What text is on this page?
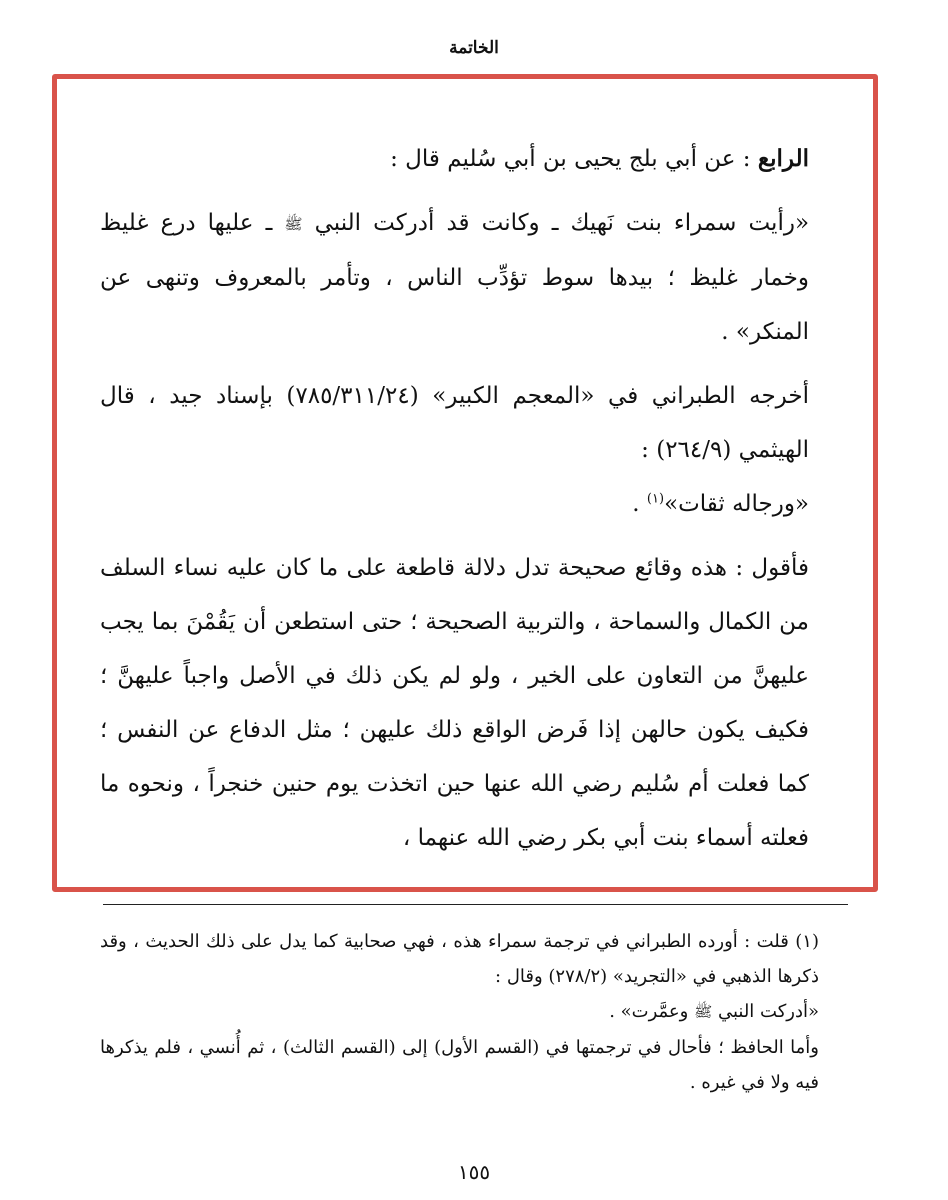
الخاتمة

الرابع : عن أبي بلج يحيى بن أبي سُليم قال :

«رأيت سمراء بنت نَهيك ـ وكانت قد أدركت النبي ﷺ ـ عليها درع غليظ وخمار غليظ ؛ بيدها سوط تؤدِّب الناس ، وتأمر بالمعروف وتنهى عن المنكر» .

أخرجه الطبراني في «المعجم الكبير» (٧٨٥/٣١١/٢٤) بإسناد جيد ، قال الهيثمي (٢٦٤/٩) :

«ورجاله ثقات»$^{(١)}$ .

فأقول : هذه وقائع صحيحة تدل دلالة قاطعة على ما كان عليه نساء السلف من الكمال والسماحة ، والتربية الصحيحة ؛ حتى استطعن أن يَقُمْنَ بما يجب عليهنَّ من التعاون على الخير ، ولو لم يكن ذلك في الأصل واجباً عليهنَّ ؛ فكيف يكون حالهن إذا فَرض الواقع ذلك عليهن ؛ مثل الدفاع عن النفس ؛ كما فعلت أم سُليم رضي الله عنها حين اتخذت يوم حنين خنجراً ، ونحوه ما فعلته أسماء بنت أبي بكر رضي الله عنهما ،

(١) قلت : أورده الطبراني في ترجمة سمراء هذه ، فهي صحابية كما يدل على ذلك الحديث ، وقد ذكرها الذهبي في «التجريد» (٢٧٨/٢) وقال :

«أدركت النبي ﷺ وعمَّرت» .

وأما الحافظ ؛ فأحال في ترجمتها في (القسم الأول) إلى (القسم الثالث) ، ثم أُنسي ، فلم يذكرها فيه ولا في غيره .

١٥٥
